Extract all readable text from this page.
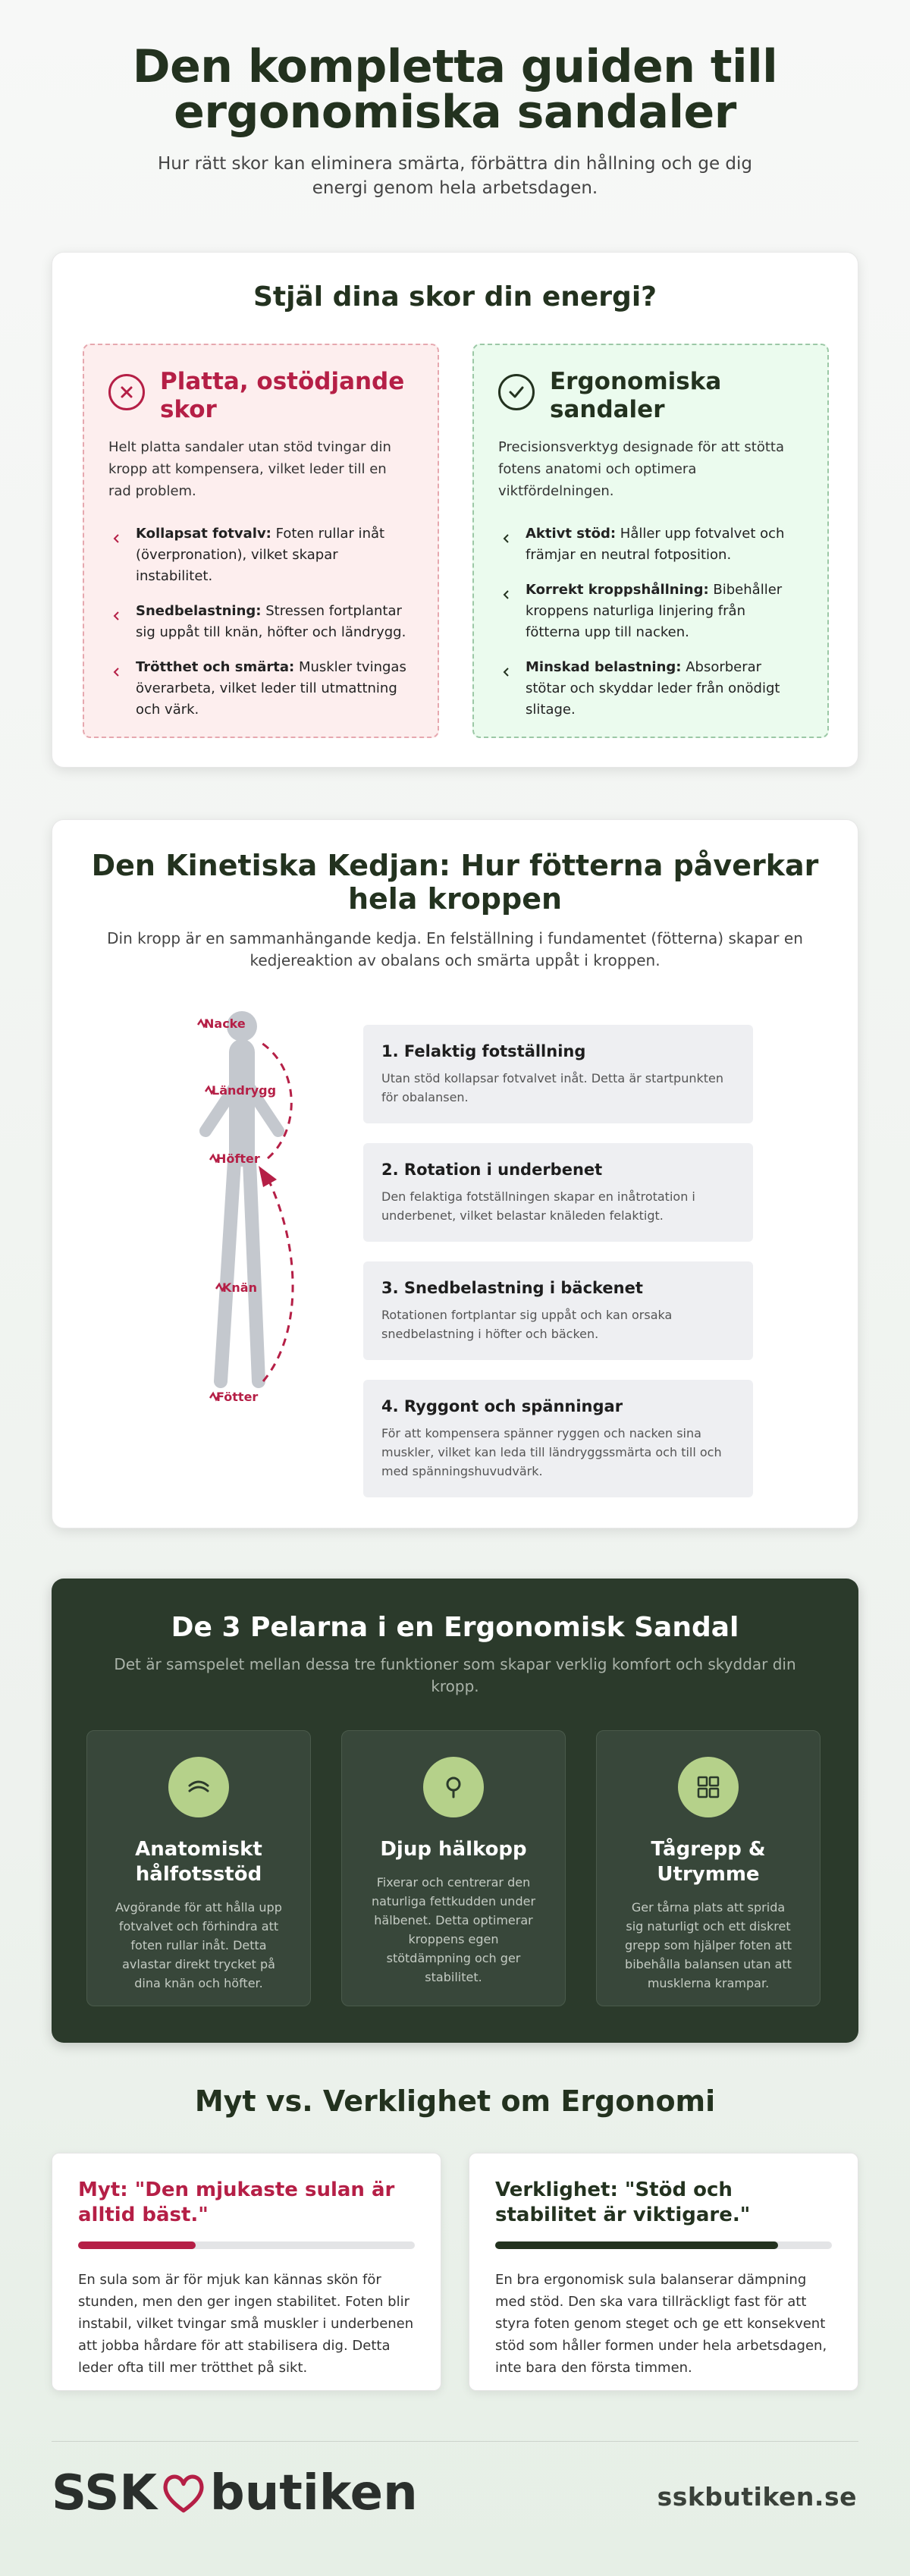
Den kompletta guiden till ergonomiska sandaler

Hur rätt skor kan eliminera smärta, förbättra din hållning och ge dig energi genom hela arbetsdagen.

Stjäl dina skor din energi?
Platta, ostödjande skor

Helt platta sandaler utan stöd tvingar din kropp att kompensera, vilket leder till en rad problem.

Kollapsat fotvalv: Foten rullar inåt (överpronation), vilket skapar instabilitet.
Snedbelastning: Stressen fortplantar sig uppåt till knän, höfter och ländrygg.
Trötthet och smärta: Muskler tvingas överarbeta, vilket leder till utmattning och värk.
Ergonomiska sandaler

Precisionsverktyg designade för att stötta fotens anatomi och optimera viktfördelningen.

Aktivt stöd: Håller upp fotvalvet och främjar en neutral fotposition.
Korrekt kroppshållning: Bibehåller kroppens naturliga linjering från fötterna upp till nacken.
Minskad belastning: Absorberar stötar och skyddar leder från onödigt slitage.
Den Kinetiska Kedjan: Hur fötterna påverkar hela kroppen
Din kropp är en sammanhängande kedja. En felställning i fundamentet (fötterna) skapar en kedjereaktion av obalans och smärta uppåt i kroppen.
Nacke
Ländrygg
Höfter
Knän
Fötter
1. Felaktig fotställning

Utan stöd kollapsar fotvalvet inåt. Detta är startpunkten för obalansen.

2. Rotation i underbenet

Den felaktiga fotställningen skapar en inåtrotation i underbenet, vilket belastar knäleden felaktigt.

3. Snedbelastning i bäckenet

Rotationen fortplantar sig uppåt och kan orsaka snedbelastning i höfter och bäcken.

4. Ryggont och spänningar

För att kompensera spänner ryggen och nacken sina muskler, vilket kan leda till ländryggssmärta och till och med spänningshuvudvärk.

De 3 Pelarna i en Ergonomisk Sandal
Det är samspelet mellan dessa tre funktioner som skapar verklig komfort och skyddar din kropp.
Anatomiskt hålfotsstöd

Avgörande för att hålla upp fotvalvet och förhindra att foten rullar inåt. Detta avlastar direkt trycket på dina knän och höfter.

Djup hälkopp

Fixerar och centrerar den naturliga fettkudden under hälbenet. Detta optimerar kroppens egen stötdämpning och ger stabilitet.

Tågrepp & Utrymme

Ger tårna plats att sprida sig naturligt och ett diskret grepp som hjälper foten att bibehålla balansen utan att musklerna krampar.

Myt vs. Verklighet om Ergonomi
Myt: "Den mjukaste sulan är alltid bäst."

En sula som är för mjuk kan kännas skön för stunden, men den ger ingen stabilitet. Foten blir instabil, vilket tvingar små muskler i underbenen att jobba hårdare för att stabilisera dig. Detta leder ofta till mer trötthet på sikt.

Verklighet: "Stöd och stabilitet är viktigare."

En bra ergonomisk sula balanserar dämpning med stöd. Den ska vara tillräckligt fast för att styra foten genom steget och ge ett konsekvent stöd som håller formen under hela arbetsdagen, inte bara den första timmen.

SSK butiken	sskbutiken.se
